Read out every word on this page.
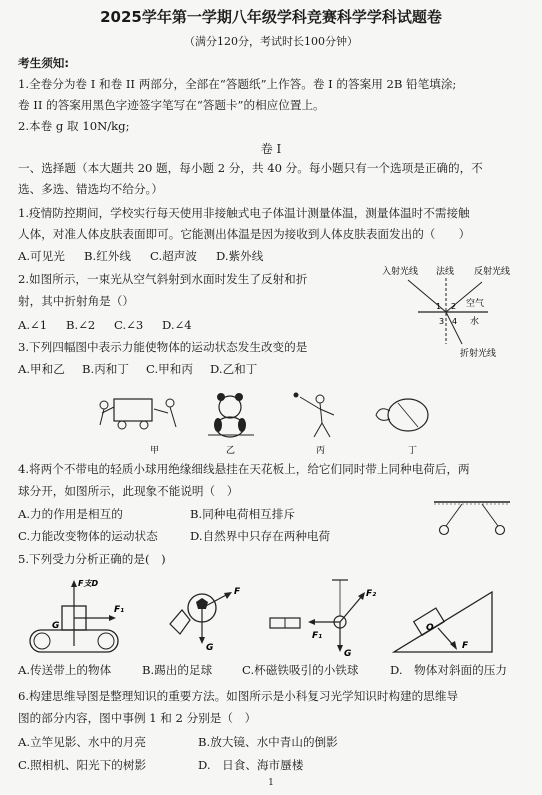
2025学年第一学期八年级学科竞赛科学学科试题卷
（满分120分，考试时长100分钟）
考生须知:
1.全卷分为卷 I 和卷 II 两部分，全部在“答题纸”上作答。卷 I 的答案用 2B 铅笔填涂;
卷 II 的答案用黑色字迹签字笔写在“答题卡”的相应位置上。
2.本卷 g 取 10N/kg;
卷 I
一、选择题（本大题共 20 题，每小题 2 分，共 40 分。每小题只有一个选项是正确的，不
选、多选、错选均不给分。）
1.疫情防控期间，学校实行每天使用非接触式电子体温计测量体温，测量体温时不需接触
人体，对准人体皮肤表面即可。它能测出体温是因为接收到人体皮肤表面发出的（　　）
A.可见光 B.红外线 C.超声波 D.紫外线
2.如图所示，一束光从空气斜射到水面时发生了反射和折
射，其中折射角是（）
A.∠1 B.∠2 C.∠3 D.∠4
入射光线 法线 反射光线
1 2
3 4
空气
水
折射光线
3.下列四幅图中表示力能使物体的运动状态发生改变的是
A.甲和乙 B.丙和丁 C.甲和丙 D.乙和丁
甲	乙	丙	丁
4.将两个不带电的轻质小球用绝缘细线悬挂在天花板上，给它们同时带上同种电荷后，两
球分开，如图所示，此现象不能说明（　）
A.力的作用是相互的	B.同种电荷相互排斥
C.力能改变物体的运动状态	D.自然界中只存在两种电荷
5.下列受力分析正确的是(　)
F支D
F₁
G
F
G
F₂
F₁
G
O
F
A.传送带上的物体	B.踢出的足球	C.杯磁铁吸引的小铁球	D.　物体对斜面的压力
6.构建思维导图是整理知识的重要方法。如图所示是小科复习光学知识时构建的思维导
图的部分内容，图中事例 1 和 2 分别是（　）
A.立竿见影、水中的月亮	B.放大镜、水中青山的倒影
C.照相机、阳光下的树影	D.　日食、海市蜃楼
1
